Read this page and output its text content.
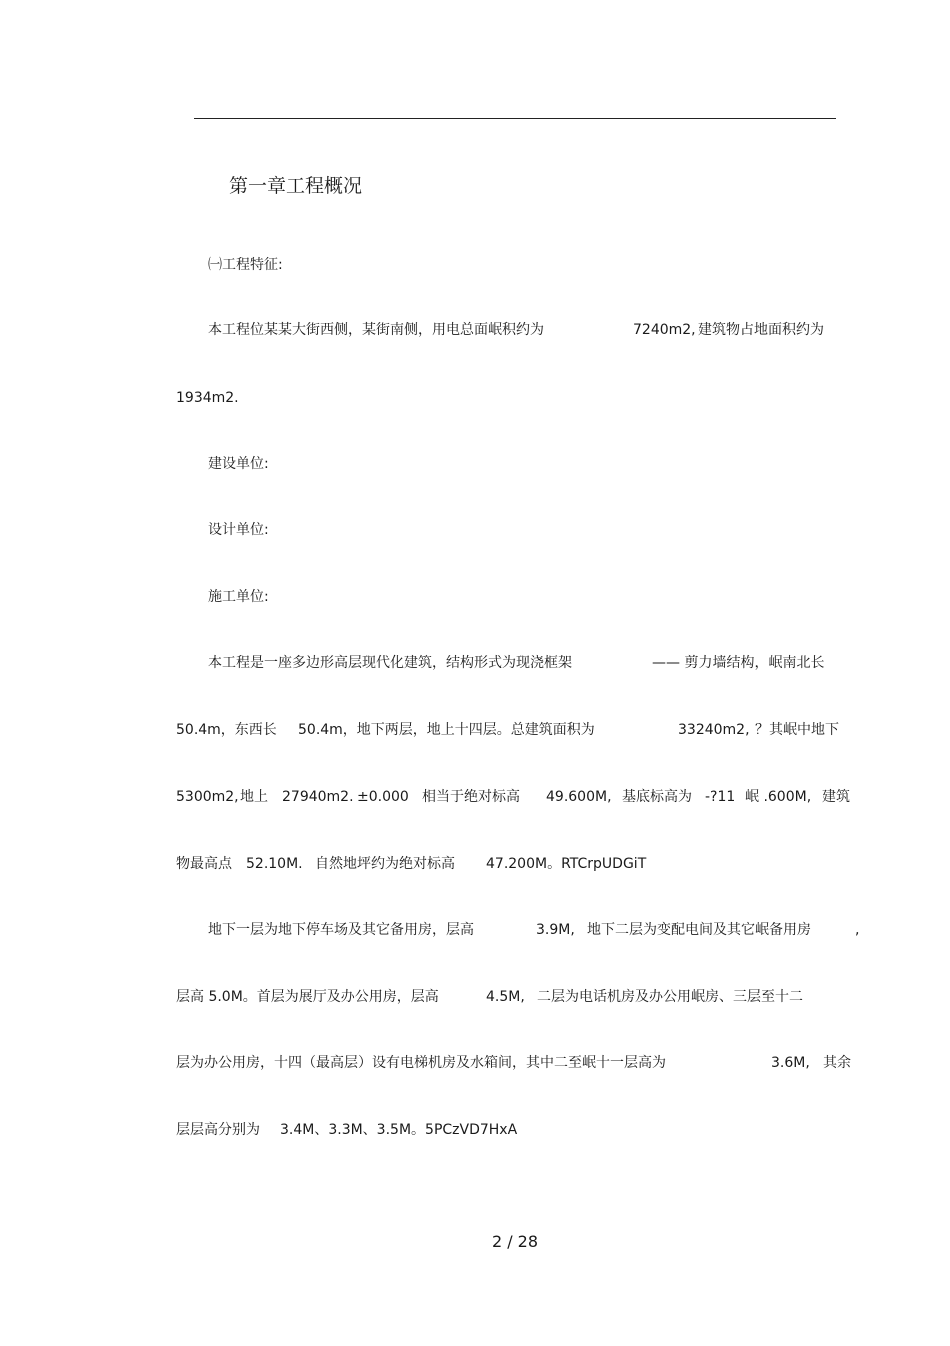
第一章工程概况
㈠工程特征:
本工程位某某大街西侧，某街南侧，用电总面岷积约为	7240m2, 建筑物占地面积约为
1934m2.
建设单位:
设计单位:
施工单位:
本工程是一座多边形高层现代化建筑，结构形式为现浇框架	—— 剪力墙结构，岷南北长
50.4m，东西长 50.4m，地下两层，地上十四层。总建筑面积为	33240m2, ？其岷中地下
5300m2, 地上 27940m2. ±0.000 相当于绝对标高 49.600M, 基底标高为 -?11 岷 .600M, 建筑
物最高点 52.10M. 自然地坪约为绝对标高 47.200M。RTCrpUDGiT
地下一层为地下停车场及其它备用房，层高	3.9M, 地下二层为变配电间及其它岷备用房	,
层高 5.0M。首层为展厅及办公用房，层高	4.5M, 二层为电话机房及办公用岷房、三层至十二
层为办公用房，十四（最高层）设有电梯机房及水箱间，其中二至岷十一层高为	3.6M, 其余
层层高分别为 3.4M、3.3M、3.5M。5PCzVD7HxA
2 / 28
